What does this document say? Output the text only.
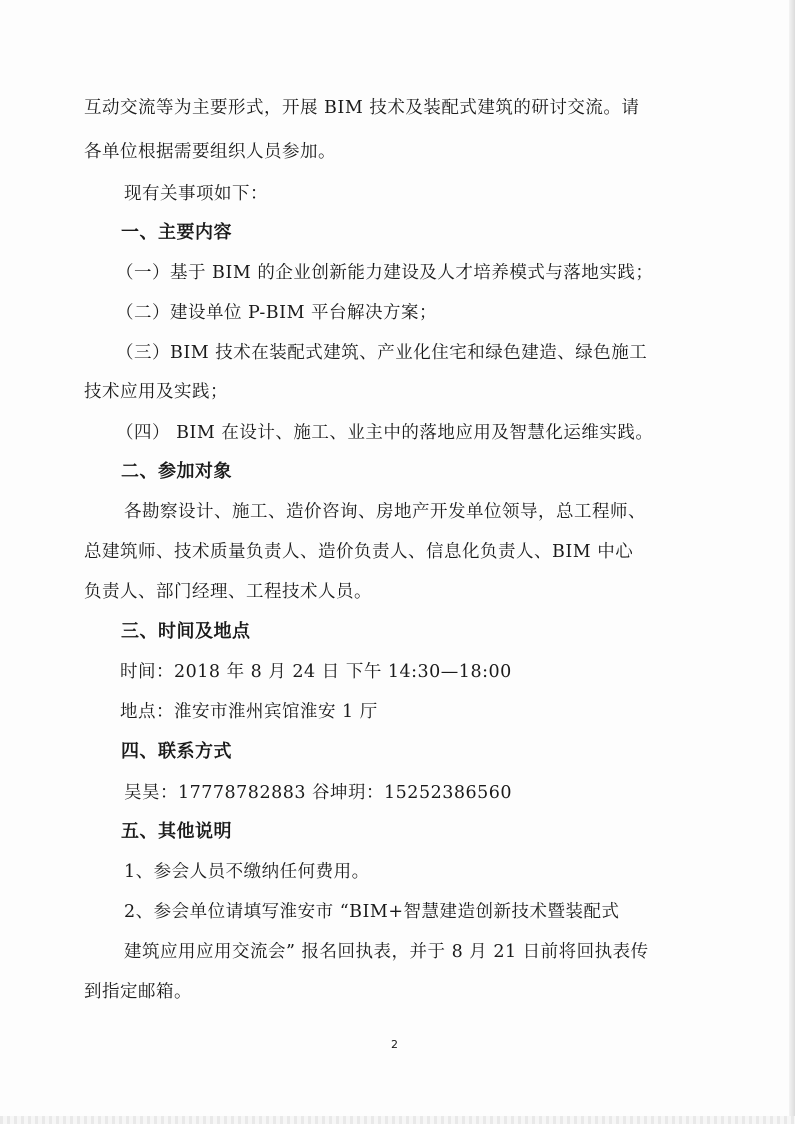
互动交流等为主要形式，开展 BIM 技术及装配式建筑的研讨交流。请
各单位根据需要组织人员参加。
现有关事项如下：
一、主要内容
（一）基于 BIM 的企业创新能力建设及人才培养模式与落地实践；
（二）建设单位 P-BIM 平台解决方案；
（三）BIM 技术在装配式建筑、产业化住宅和绿色建造、绿色施工
技术应用及实践；
（四） BIM 在设计、施工、业主中的落地应用及智慧化运维实践。
二、参加对象
各勘察设计、施工、造价咨询、房地产开发单位领导，总工程师、
总建筑师、技术质量负责人、造价负责人、信息化负责人、BIM 中心
负责人、部门经理、工程技术人员。
三、时间及地点
时间：2018 年 8 月 24 日 下午 14:30—18:00
地点：淮安市淮州宾馆淮安 1 厅
四、联系方式
吴昊：17778782883 谷坤玥：15252386560
五、其他说明
1、参会人员不缴纳任何费用。
2、参会单位请填写淮安市 “BIM+智慧建造创新技术暨装配式
建筑应用应用交流会” 报名回执表，并于 8 月 21 日前将回执表传
到指定邮箱。
2
